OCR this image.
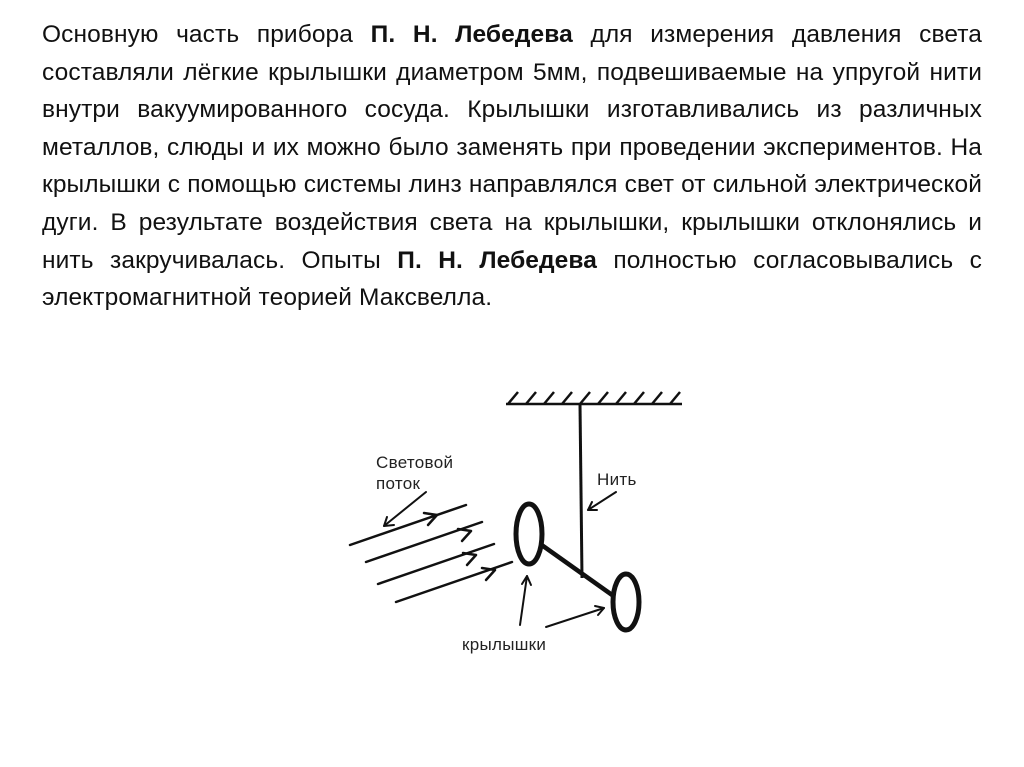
Основную часть прибора П. Н. Лебедева для измерения давления света составляли лёгкие крылышки диаметром 5мм, подвешиваемые на упругой нити внутри вакуумированного сосуда. Крылышки изготавливались из различных металлов, слюды и их можно было заменять при проведении экспериментов. На крылышки с помощью системы линз направлялся свет от сильной электрической дуги. В результате воздействия света на крылышки, крылышки отклонялись и нить закручивалась. Опыты П. Н. Лебедева полностью согласовывались с электромагнитной теорией Максвелла.

Световой
поток	Нить
крылышки
